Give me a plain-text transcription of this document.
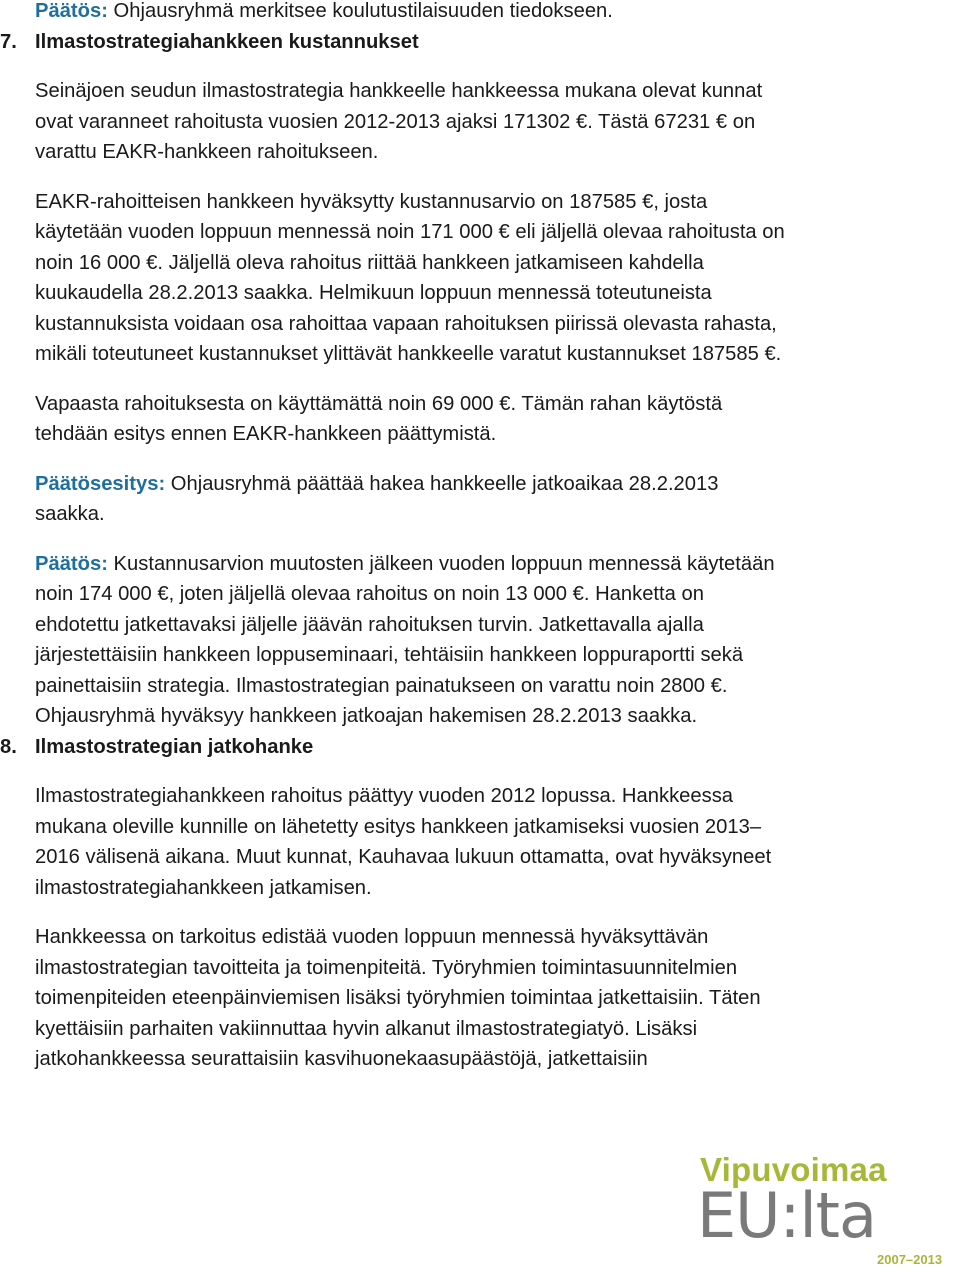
Päätös: Ohjausryhmä merkitsee koulutustilaisuuden tiedokseen.

7. Ilmastostrategiahankkeen kustannukset

Seinäjoen seudun ilmastostrategia hankkeelle hankkeessa mukana olevat kunnat
ovat varanneet rahoitusta vuosien 2012-2013 ajaksi 171302 €. Tästä 67231 € on
varattu EAKR-hankkeen rahoitukseen.

EAKR-rahoitteisen hankkeen hyväksytty kustannusarvio on 187585 €, josta
käytetään vuoden loppuun mennessä noin 171 000 € eli jäljellä olevaa rahoitusta on
noin 16 000 €. Jäljellä oleva rahoitus riittää hankkeen jatkamiseen kahdella
kuukaudella 28.2.2013 saakka. Helmikuun loppuun mennessä toteutuneista
kustannuksista voidaan osa rahoittaa vapaan rahoituksen piirissä olevasta rahasta,
mikäli toteutuneet kustannukset ylittävät hankkeelle varatut kustannukset 187585 €.

Vapaasta rahoituksesta on käyttämättä noin 69 000 €. Tämän rahan käytöstä
tehdään esitys ennen EAKR-hankkeen päättymistä.

Päätösesitys: Ohjausryhmä päättää hakea hankkeelle jatkoaikaa 28.2.2013
saakka.

Päätös: Kustannusarvion muutosten jälkeen vuoden loppuun mennessä käytetään
noin 174 000 €, joten jäljellä olevaa rahoitus on noin 13 000 €. Hanketta on
ehdotettu jatkettavaksi jäljelle jäävän rahoituksen turvin. Jatkettavalla ajalla
järjestettäisiin hankkeen loppuseminaari, tehtäisiin hankkeen loppuraportti sekä
painettaisiin strategia. Ilmastostrategian painatukseen on varattu noin 2800 €.
Ohjausryhmä hyväksyy hankkeen jatkoajan hakemisen 28.2.2013 saakka.

8. Ilmastostrategian jatkohanke

Ilmastostrategiahankkeen rahoitus päättyy vuoden 2012 lopussa. Hankkeessa
mukana oleville kunnille on lähetetty esitys hankkeen jatkamiseksi vuosien 2013–
2016 välisenä aikana. Muut kunnat, Kauhavaa lukuun ottamatta, ovat hyväksyneet
ilmastostrategiahankkeen jatkamisen.

Hankkeessa on tarkoitus edistää vuoden loppuun mennessä hyväksyttävän
ilmastostrategian tavoitteita ja toimenpiteitä. Työryhmien toimintasuunnitelmien
toimenpiteiden eteenpäinviemisen lisäksi työryhmien toimintaa jatkettaisiin. Täten
kyettäisiin parhaiten vakiinnuttaa hyvin alkanut ilmastostrategiatyö. Lisäksi
jatkohankkeessa seurattaisiin kasvihuonekaasupäästöjä, jatkettaisiin

Vipuvoimaa
EU:lta
2007–2013
